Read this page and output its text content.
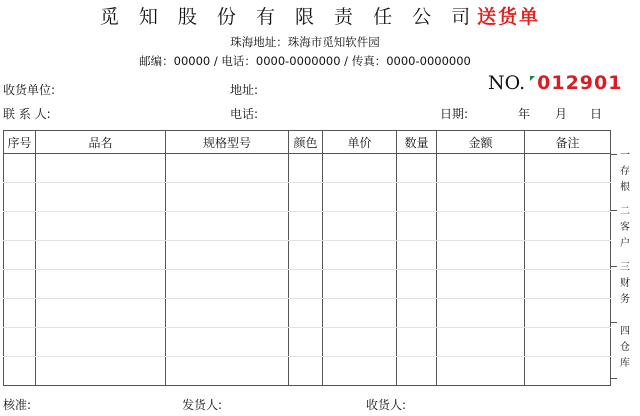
觅 知 股 份 有 限 责 任 公 司送货单
珠海地址：珠海市觅知软件园
邮编：00000 / 电话：0000-0000000 / 传真：0000-0000000
收货单位:	地址:	NO. 012901
联 系 人:	电话:	日期:	年 月 日
序号	品名	规格型号	颜色	单价	数量	金额	备注

一
存
根
二
客
户
三
财
务
四
仓
库
核准:	发货人:	收货人:
